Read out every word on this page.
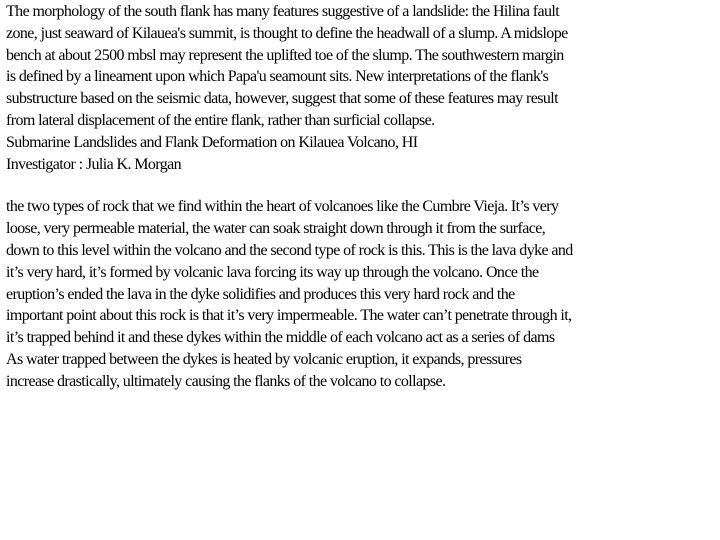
The morphology of the south flank has many features suggestive of a landslide: the Hilina fault
zone, just seaward of Kilauea's summit, is thought to define the headwall of a slump. A midslope
bench at about 2500 mbsl may represent the uplifted toe of the slump. The southwestern margin
is defined by a lineament upon which Papa'u seamount sits. New interpretations of the flank's
substructure based on the seismic data, however, suggest that some of these features may result
from lateral displacement of the entire flank, rather than surficial collapse.
Submarine Landslides and Flank Deformation on Kilauea Volcano, HI
Investigator : Julia K. Morgan
the two types of rock that we find within the heart of volcanoes like the Cumbre Vieja. It’s very
loose, very permeable material, the water can soak straight down through it from the surface,
down to this level within the volcano and the second type of rock is this. This is the lava dyke and
it’s very hard, it’s formed by volcanic lava forcing its way up through the volcano. Once the
eruption’s ended the lava in the dyke solidifies and produces this very hard rock and the
important point about this rock is that it’s very impermeable. The water can’t penetrate through it,
it’s trapped behind it and these dykes within the middle of each volcano act as a series of dams
As water trapped between the dykes is heated by volcanic eruption, it expands, pressures
increase drastically, ultimately causing the flanks of the volcano to collapse.
